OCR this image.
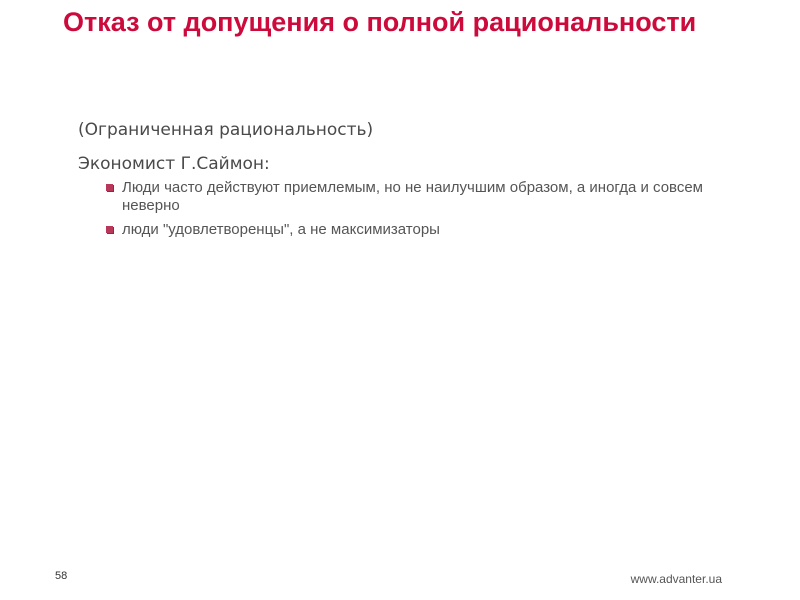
Отказ от допущения о полной рациональности

(Ограниченная рациональность)

Экономист Г.Саймон:

Люди часто действуют приемлемым, но не наилучшим образом, а иногда и совсем неверно
люди "удовлетворенцы", а не максимизаторы
58	www.advanter.ua
